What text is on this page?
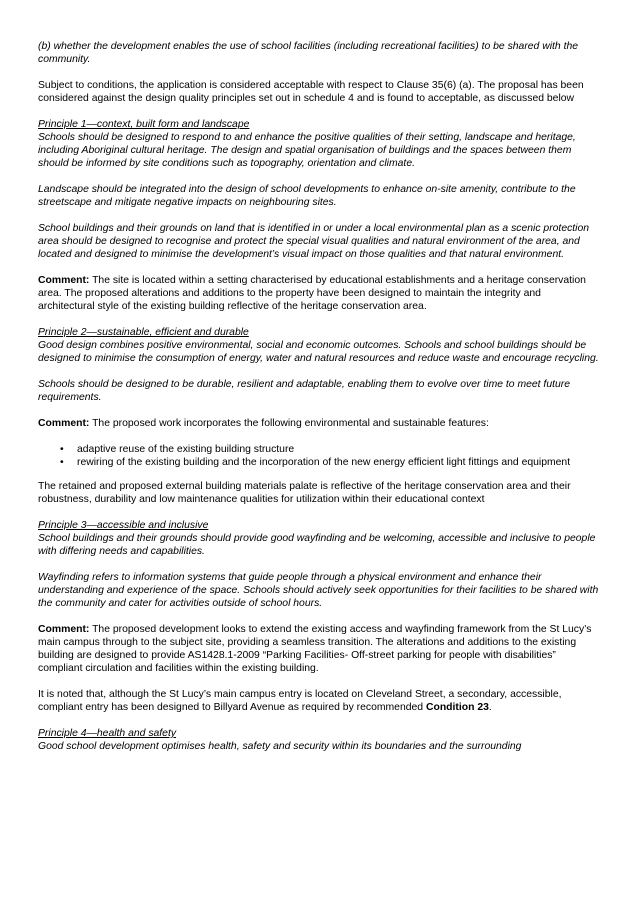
(b) whether the development enables the use of school facilities (including recreational facilities) to be shared with the community.

Subject to conditions, the application is considered acceptable with respect to Clause 35(6) (a). The proposal has been considered against the design quality principles set out in schedule 4 and is found to acceptable, as discussed below

Principle 1—context, built form and landscape

Schools should be designed to respond to and enhance the positive qualities of their setting, landscape and heritage, including Aboriginal cultural heritage. The design and spatial organisation of buildings and the spaces between them should be informed by site conditions such as topography, orientation and climate.

Landscape should be integrated into the design of school developments to enhance on-site amenity, contribute to the streetscape and mitigate negative impacts on neighbouring sites.

School buildings and their grounds on land that is identified in or under a local environmental plan as a scenic protection area should be designed to recognise and protect the special visual qualities and natural environment of the area, and located and designed to minimise the development’s visual impact on those qualities and that natural environment.

Comment: The site is located within a setting characterised by educational establishments and a heritage conservation area. The proposed alterations and additions to the property have been designed to maintain the integrity and architectural style of the existing building reflective of the heritage conservation area.

Principle 2—sustainable, efficient and durable

Good design combines positive environmental, social and economic outcomes. Schools and school buildings should be designed to minimise the consumption of energy, water and natural resources and reduce waste and encourage recycling.

Schools should be designed to be durable, resilient and adaptable, enabling them to evolve over time to meet future requirements.

Comment: The proposed work incorporates the following environmental and sustainable features:

• adaptive reuse of the existing building structure
• rewiring of the existing building and the incorporation of the new energy efficient light fittings and equipment

The retained and proposed external building materials palate is reflective of the heritage conservation area and their robustness, durability and low maintenance qualities for utilization within their educational context

Principle 3—accessible and inclusive

School buildings and their grounds should provide good wayfinding and be welcoming, accessible and inclusive to people with differing needs and capabilities.

Wayfinding refers to information systems that guide people through a physical environment and enhance their understanding and experience of the space. Schools should actively seek opportunities for their facilities to be shared with the community and cater for activities outside of school hours.

Comment: The proposed development looks to extend the existing access and wayfinding framework from the St Lucy’s main campus through to the subject site, providing a seamless transition. The alterations and additions to the existing building are designed to provide AS1428.1-2009 “Parking Facilities- Off-street parking for people with disabilities” compliant circulation and facilities within the existing building.

It is noted that, although the St Lucy’s main campus entry is located on Cleveland Street, a secondary, accessible, compliant entry has been designed to Billyard Avenue as required by recommended Condition 23.

Principle 4—health and safety

Good school development optimises health, safety and security within its boundaries and the surrounding
